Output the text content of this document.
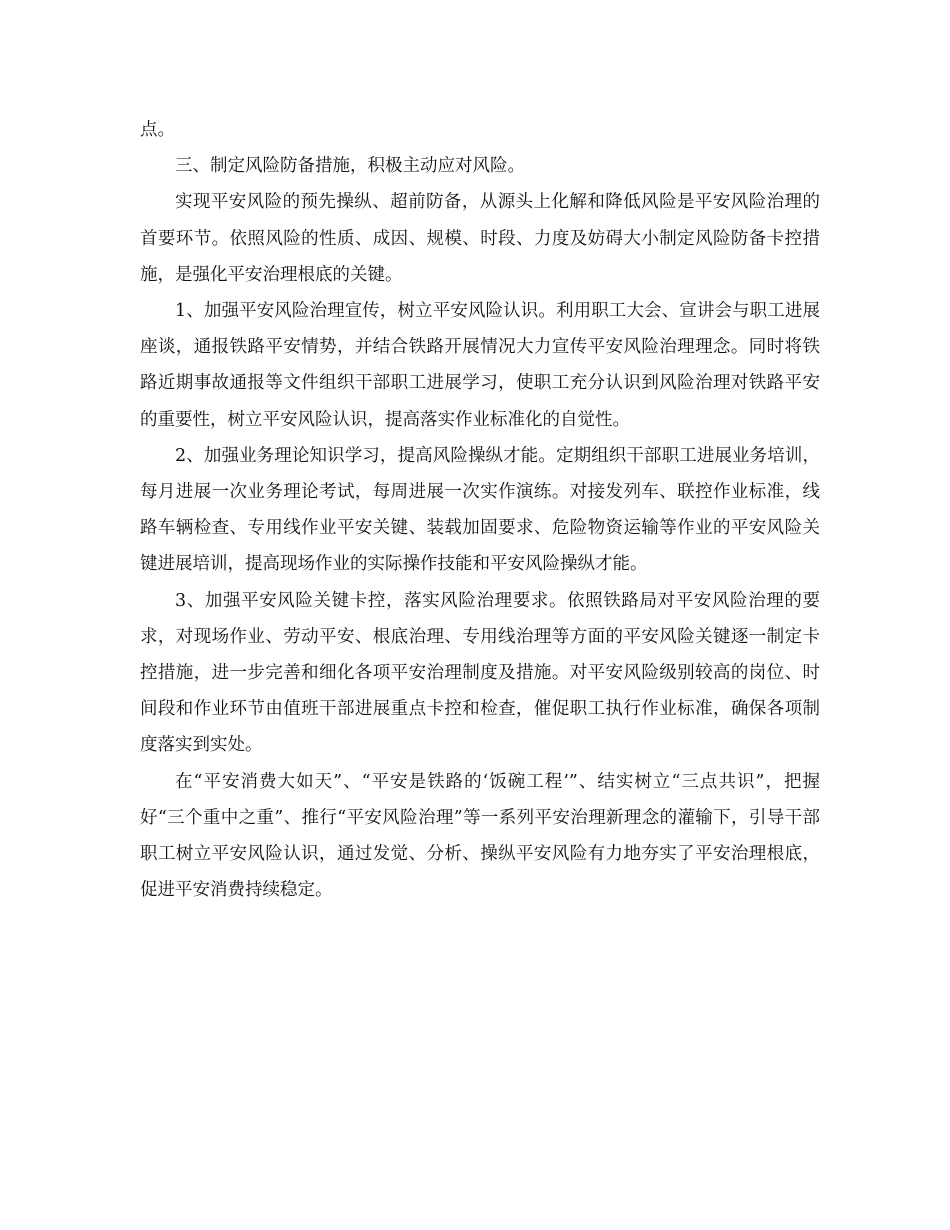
点。

三、制定风险防备措施，积极主动应对风险。

实现平安风险的预先操纵、超前防备，从源头上化解和降低风险是平安风险治理的首要环节。依照风险的性质、成因、规模、时段、力度及妨碍大小制定风险防备卡控措施，是强化平安治理根底的关键。

1、加强平安风险治理宣传，树立平安风险认识。利用职工大会、宣讲会与职工进展座谈，通报铁路平安情势，并结合铁路开展情况大力宣传平安风险治理理念。同时将铁路近期事故通报等文件组织干部职工进展学习，使职工充分认识到风险治理对铁路平安的重要性，树立平安风险认识，提高落实作业标准化的自觉性。

2、加强业务理论知识学习，提高风险操纵才能。定期组织干部职工进展业务培训，每月进展一次业务理论考试，每周进展一次实作演练。对接发列车、联控作业标准，线路车辆检查、专用线作业平安关键、装载加固要求、危险物资运输等作业的平安风险关键进展培训，提高现场作业的实际操作技能和平安风险操纵才能。

3、加强平安风险关键卡控，落实风险治理要求。依照铁路局对平安风险治理的要求，对现场作业、劳动平安、根底治理、专用线治理等方面的平安风险关键逐一制定卡控措施，进一步完善和细化各项平安治理制度及措施。对平安风险级别较高的岗位、时间段和作业环节由值班干部进展重点卡控和检查，催促职工执行作业标准，确保各项制度落实到实处。

在“平安消费大如天”、“平安是铁路的‘饭碗工程’”、结实树立“三点共识”，把握好“三个重中之重”、推行“平安风险治理”等一系列平安治理新理念的灌输下，引导干部职工树立平安风险认识，通过发觉、分析、操纵平安风险有力地夯实了平安治理根底，促进平安消费持续稳定。
